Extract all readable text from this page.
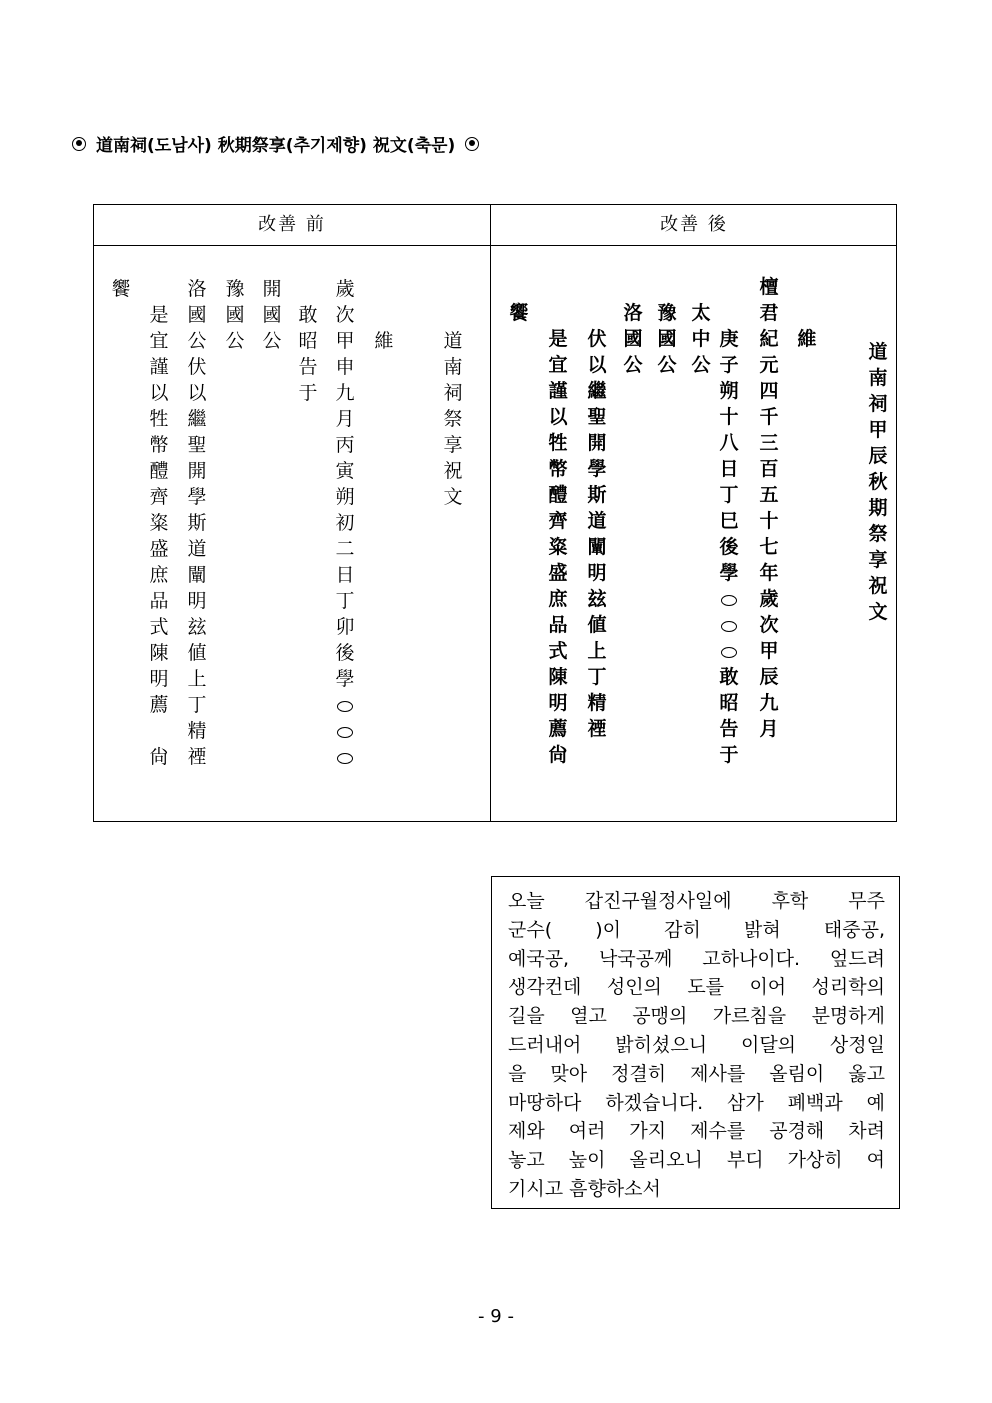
道南祠(도남사) 秋期祭享(추기제향) 祝文(축문)
改善 前	改善 後
饗
是
宜
謹
以
牲
幣
醴
齊
粢
盛
庶
品
式
陳
明
薦
尙
洛
國
公
伏
以
繼
聖
開
學
斯
道
闡
明
玆
値
上
丁
精
禋
豫
國
公
開
國
公
敢
昭
告
于
歲
次
甲
申
九
月
丙
寅
朔
初
二
日
丁
卯
後
學
維	道
南
祠
祭
享
祝
文
饗
是
宜
謹
以
牲
幣
醴
齊
粢
盛
庶
品
式
陳
明
薦
尙
伏
以
繼
聖
開
學
斯
道
闡
明
玆
値
上
丁
精
禋
洛
國
公
豫
國
公
太
中
公
庚
子
朔
十
八
日
丁
巳
後
學
敢
昭
告
于
檀
君
紀
元
四
千
三
百
五
十
七
年
歲
次
甲
辰
九
月
維
道
南
祠
甲
辰
秋
期
祭
享
祝
文
오늘 갑진구월정사일에 후학 무주
군수( )이 감히 밝혀 태중공,
예국공, 낙국공께 고하나이다. 엎드려
생각컨데 성인의 도를 이어 성리학의
길을 열고 공맹의 가르침을 분명하게
드러내어 밝히셨으니 이달의 상정일
을 맞아 정결히 제사를 올림이 옳고
마땅하다 하겠습니다. 삼가 폐백과 예
제와 여러 가지 제수를 공경해 차려
놓고 높이 올리오니 부디 가상히 여
기시고 흠향하소서
- 9 -
